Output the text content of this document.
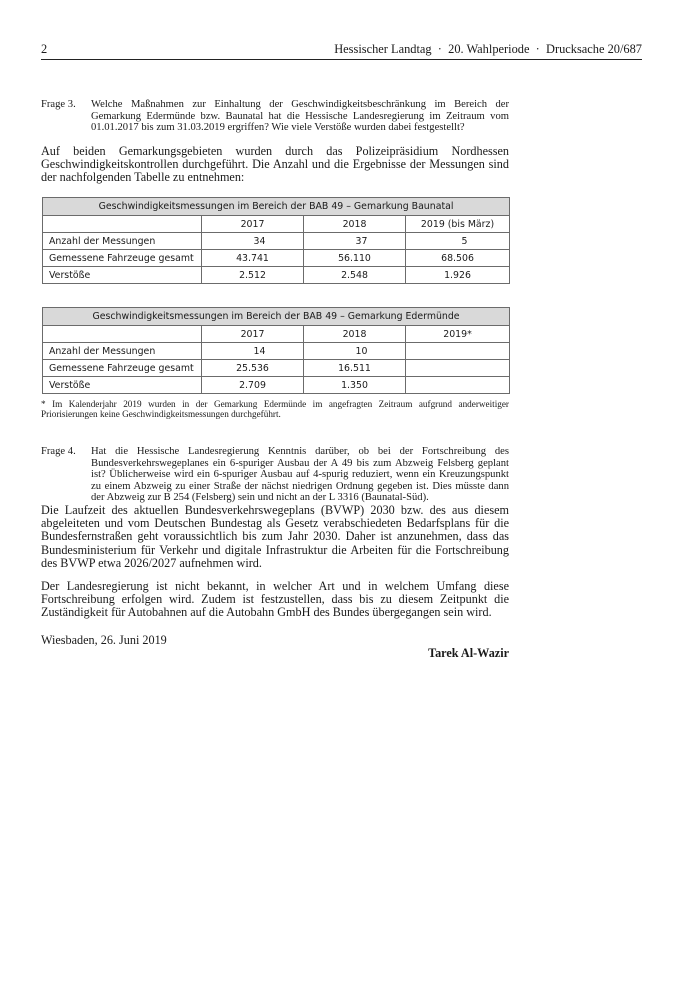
2	Hessischer Landtag  ·  20. Wahlperiode  ·  Drucksache 20/687
Frage 3. Welche Maßnahmen zur Einhaltung der Geschwindigkeitsbeschränkung im Bereich der Gemarkung Edermünde bzw. Baunatal hat die Hessische Landesregierung im Zeitraum vom 01.01.2017 bis zum 31.03.2019 ergriffen? Wie viele Verstöße wurden dabei festgestellt?
Auf beiden Gemarkungsgebieten wurden durch das Polizeipräsidium Nordhessen Geschwindigkeitskontrollen durchgeführt. Die Anzahl und die Ergebnisse der Messungen sind der nachfolgenden Tabelle zu entnehmen:
Geschwindigkeitsmessungen im Bereich der BAB 49 – Gemarkung Baunatal			
	2017	2018	2019 (bis März)
Anzahl der Messungen	34	37	5
Gemessene Fahrzeuge gesamt	43.741	56.110	68.506
Verstöße	2.512	2.548	1.926
Geschwindigkeitsmessungen im Bereich der BAB 49 – Gemarkung Edermünde			
	2017	2018	2019*
Anzahl der Messungen	14	10	
Gemessene Fahrzeuge gesamt	25.536	16.511	
Verstöße	2.709	1.350	
* Im Kalenderjahr 2019 wurden in der Gemarkung Edermünde im angefragten Zeitraum aufgrund anderweitiger Priorisierungen keine Geschwindigkeitsmessungen durchgeführt.
Frage 4. Hat die Hessische Landesregierung Kenntnis darüber, ob bei der Fortschreibung des Bundesverkehrswegeplanes ein 6-spuriger Ausbau der A 49 bis zum Abzweig Felsberg geplant ist? Üblicherweise wird ein 6-spuriger Ausbau auf 4-spurig reduziert, wenn ein Kreuzungspunkt zu einem Abzweig zu einer Straße der nächst niedrigen Ordnung gegeben ist. Dies müsste dann der Abzweig zur B 254 (Felsberg) sein und nicht an der L 3316 (Baunatal-Süd).
Die Laufzeit des aktuellen Bundesverkehrswegeplans (BVWP) 2030 bzw. des aus diesem abgeleiteten und vom Deutschen Bundestag als Gesetz verabschiedeten Bedarfsplans für die Bundesfernstraßen geht voraussichtlich bis zum Jahr 2030. Daher ist anzunehmen, dass das Bundesministerium für Verkehr und digitale Infrastruktur die Arbeiten für die Fortschreibung des BVWP etwa 2026/2027 aufnehmen wird.
Der Landesregierung ist nicht bekannt, in welcher Art und in welchem Umfang diese Fortschreibung erfolgen wird. Zudem ist festzustellen, dass bis zu diesem Zeitpunkt die Zuständigkeit für Autobahnen auf die Autobahn GmbH des Bundes übergegangen sein wird.
Wiesbaden, 26. Juni 2019
Tarek Al-Wazir
